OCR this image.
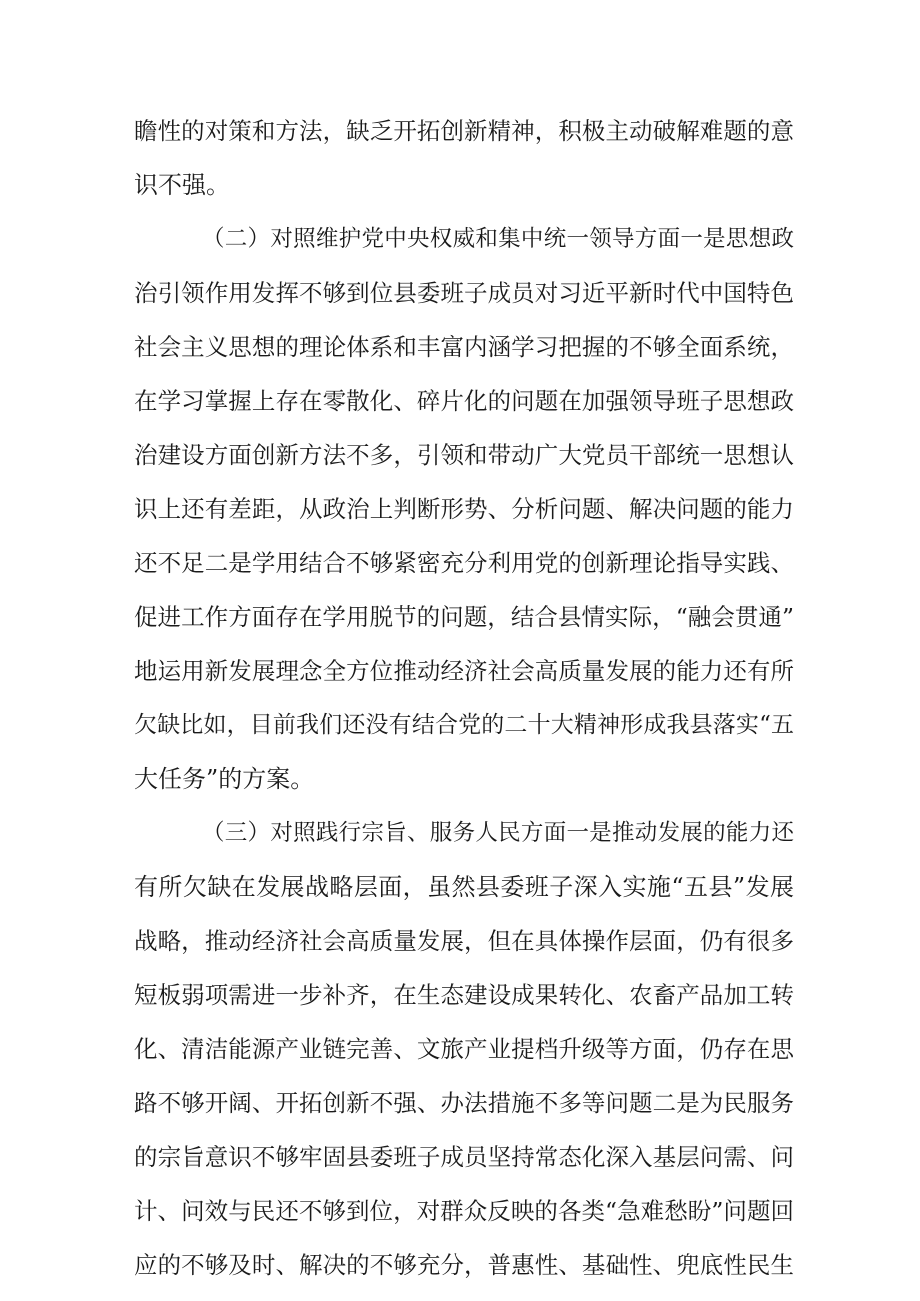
瞻性的对策和方法，缺乏开拓创新精神，积极主动破解难题的意
识不强。
（二）对照维护党中央权威和集中统一领导方面一是思想政
治引领作用发挥不够到位县委班子成员对习近平新时代中国特色
社会主义思想的理论体系和丰富内涵学习把握的不够全面系统，
在学习掌握上存在零散化、碎片化的问题在加强领导班子思想政
治建设方面创新方法不多，引领和带动广大党员干部统一思想认
识上还有差距，从政治上判断形势、分析问题、解决问题的能力
还不足二是学用结合不够紧密充分利用党的创新理论指导实践、
促进工作方面存在学用脱节的问题，结合县情实际，“融会贯通”
地运用新发展理念全方位推动经济社会高质量发展的能力还有所
欠缺比如，目前我们还没有结合党的二十大精神形成我县落实“五
大任务”的方案。
（三）对照践行宗旨、服务人民方面一是推动发展的能力还
有所欠缺在发展战略层面，虽然县委班子深入实施“五县”发展
战略，推动经济社会高质量发展，但在具体操作层面，仍有很多
短板弱项需进一步补齐，在生态建设成果转化、农畜产品加工转
化、清洁能源产业链完善、文旅产业提档升级等方面，仍存在思
路不够开阔、开拓创新不强、办法措施不多等问题二是为民服务
的宗旨意识不够牢固县委班子成员坚持常态化深入基层问需、问
计、问效与民还不够到位，对群众反映的各类“急难愁盼”问题回
应的不够及时、解决的不够充分，普惠性、基础性、兜底性民生
